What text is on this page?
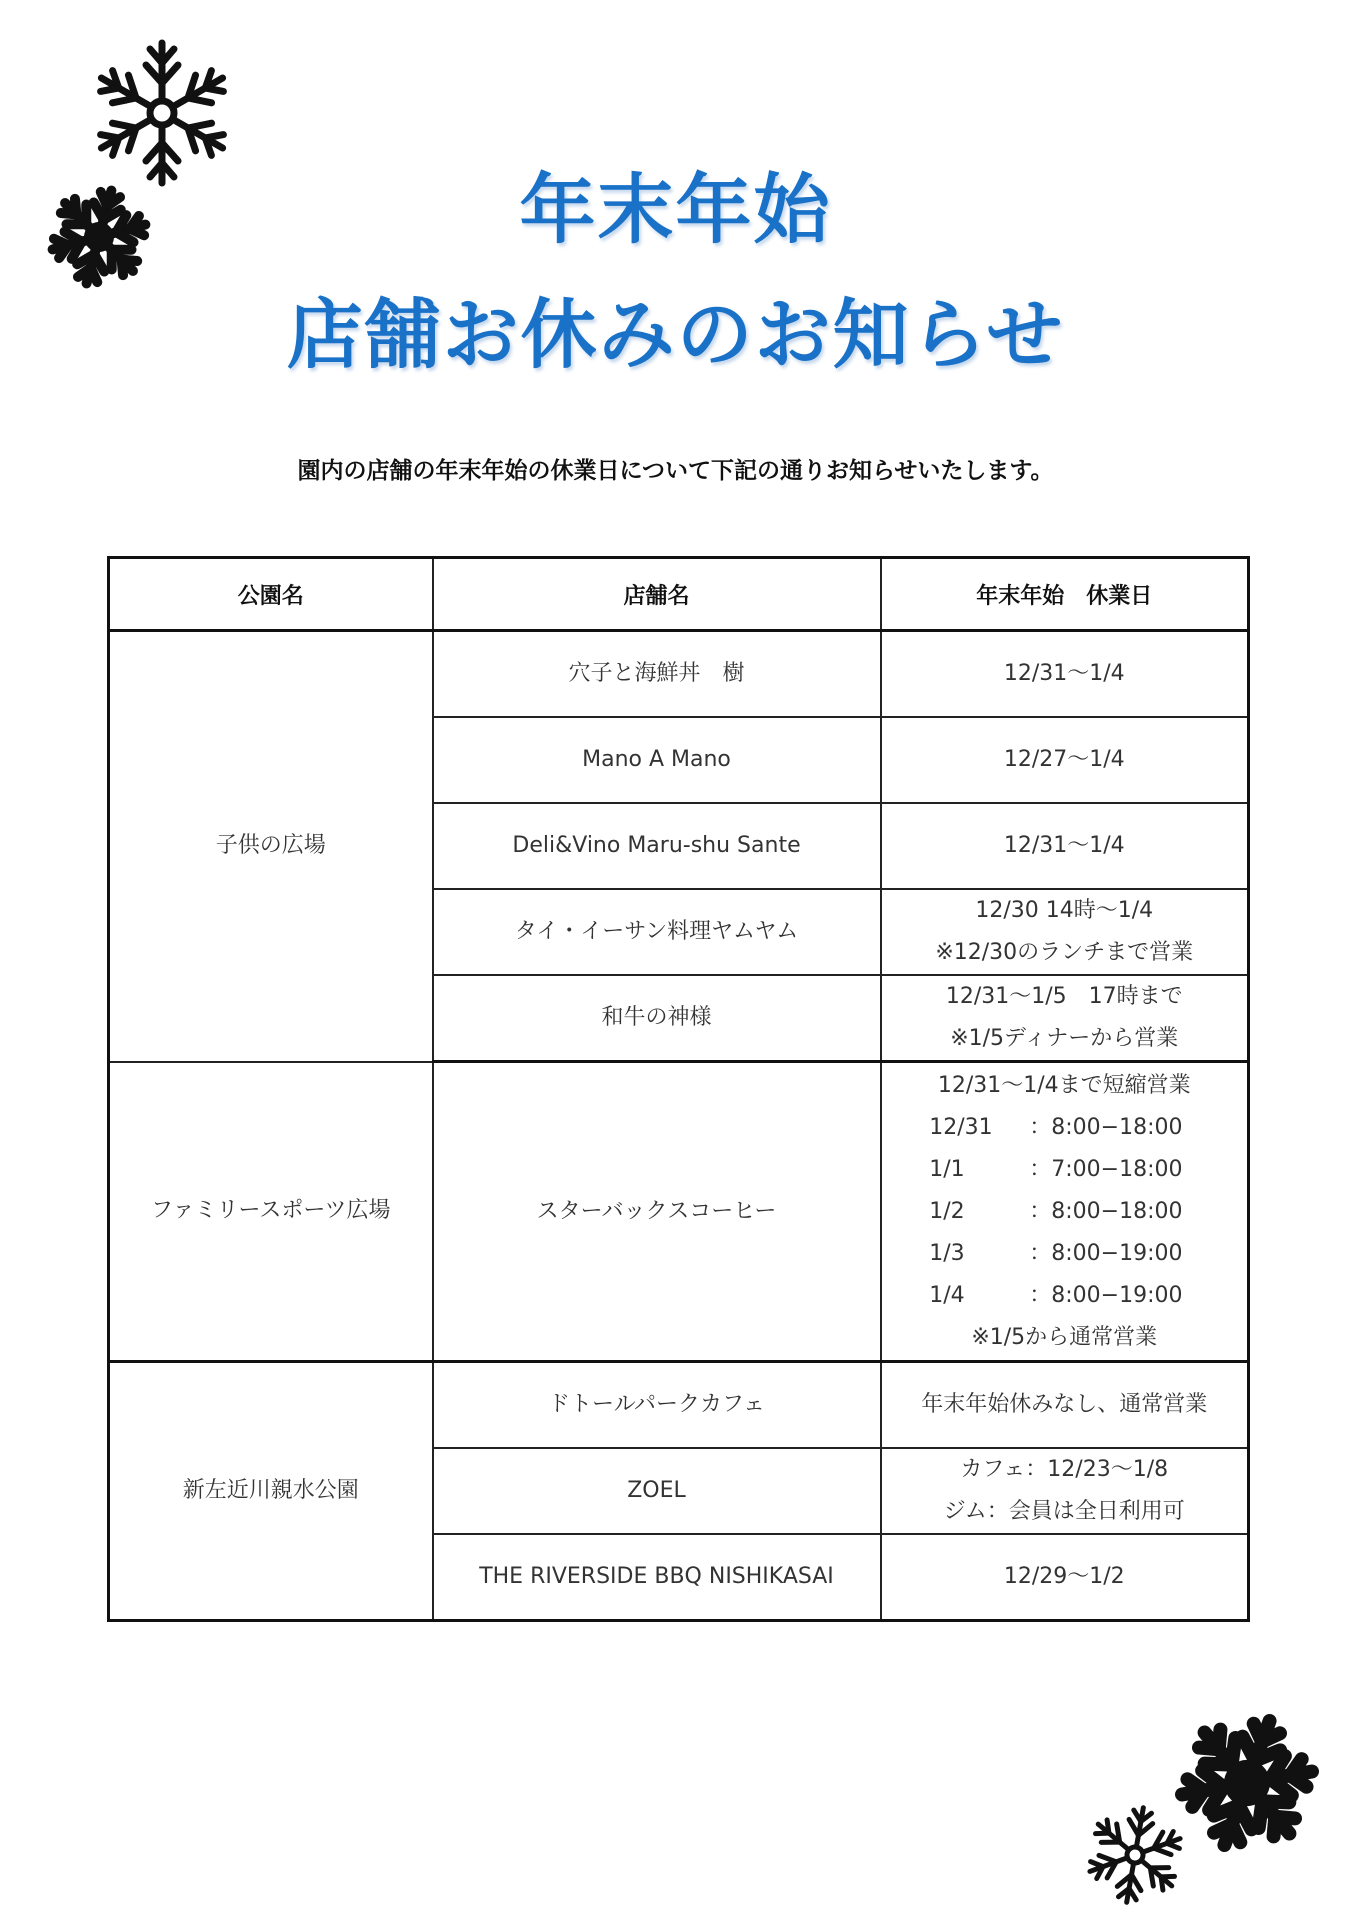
年末年始
店舗お休みのお知らせ
園内の店舗の年末年始の休業日について下記の通りお知らせいたします。
公園名	店舗名	年末年始　休業日
子供の広場	穴子と海鮮丼　樹	12/31～1/4
	Mano A Mano	12/27～1/4
	Deli&Vino Maru-shu Sante	12/31～1/4
	タイ・イーサン料理ヤムヤム	12/30 14時～1/4
※12/30のランチまで営業

	和牛の神様	12/31～1/5　17時まで
※1/5ディナーから営業

ファミリースポーツ広場	スターバックスコーヒー	
12/31～1/4まで短縮営業
12/31	：8:00−18:00
1/1	：7:00−18:00
1/2	：8:00−18:00
1/3	：8:00−19:00
1/4	：8:00−19:00
※1/5から通常営業

新左近川親水公園	ドトールパークカフェ	年末年始休みなし、通常営業
	ZOEL	カフェ：12/23～1/8
ジム：会員は全日利用可

	THE RIVERSIDE BBQ NISHIKASAI	12/29～1/2
